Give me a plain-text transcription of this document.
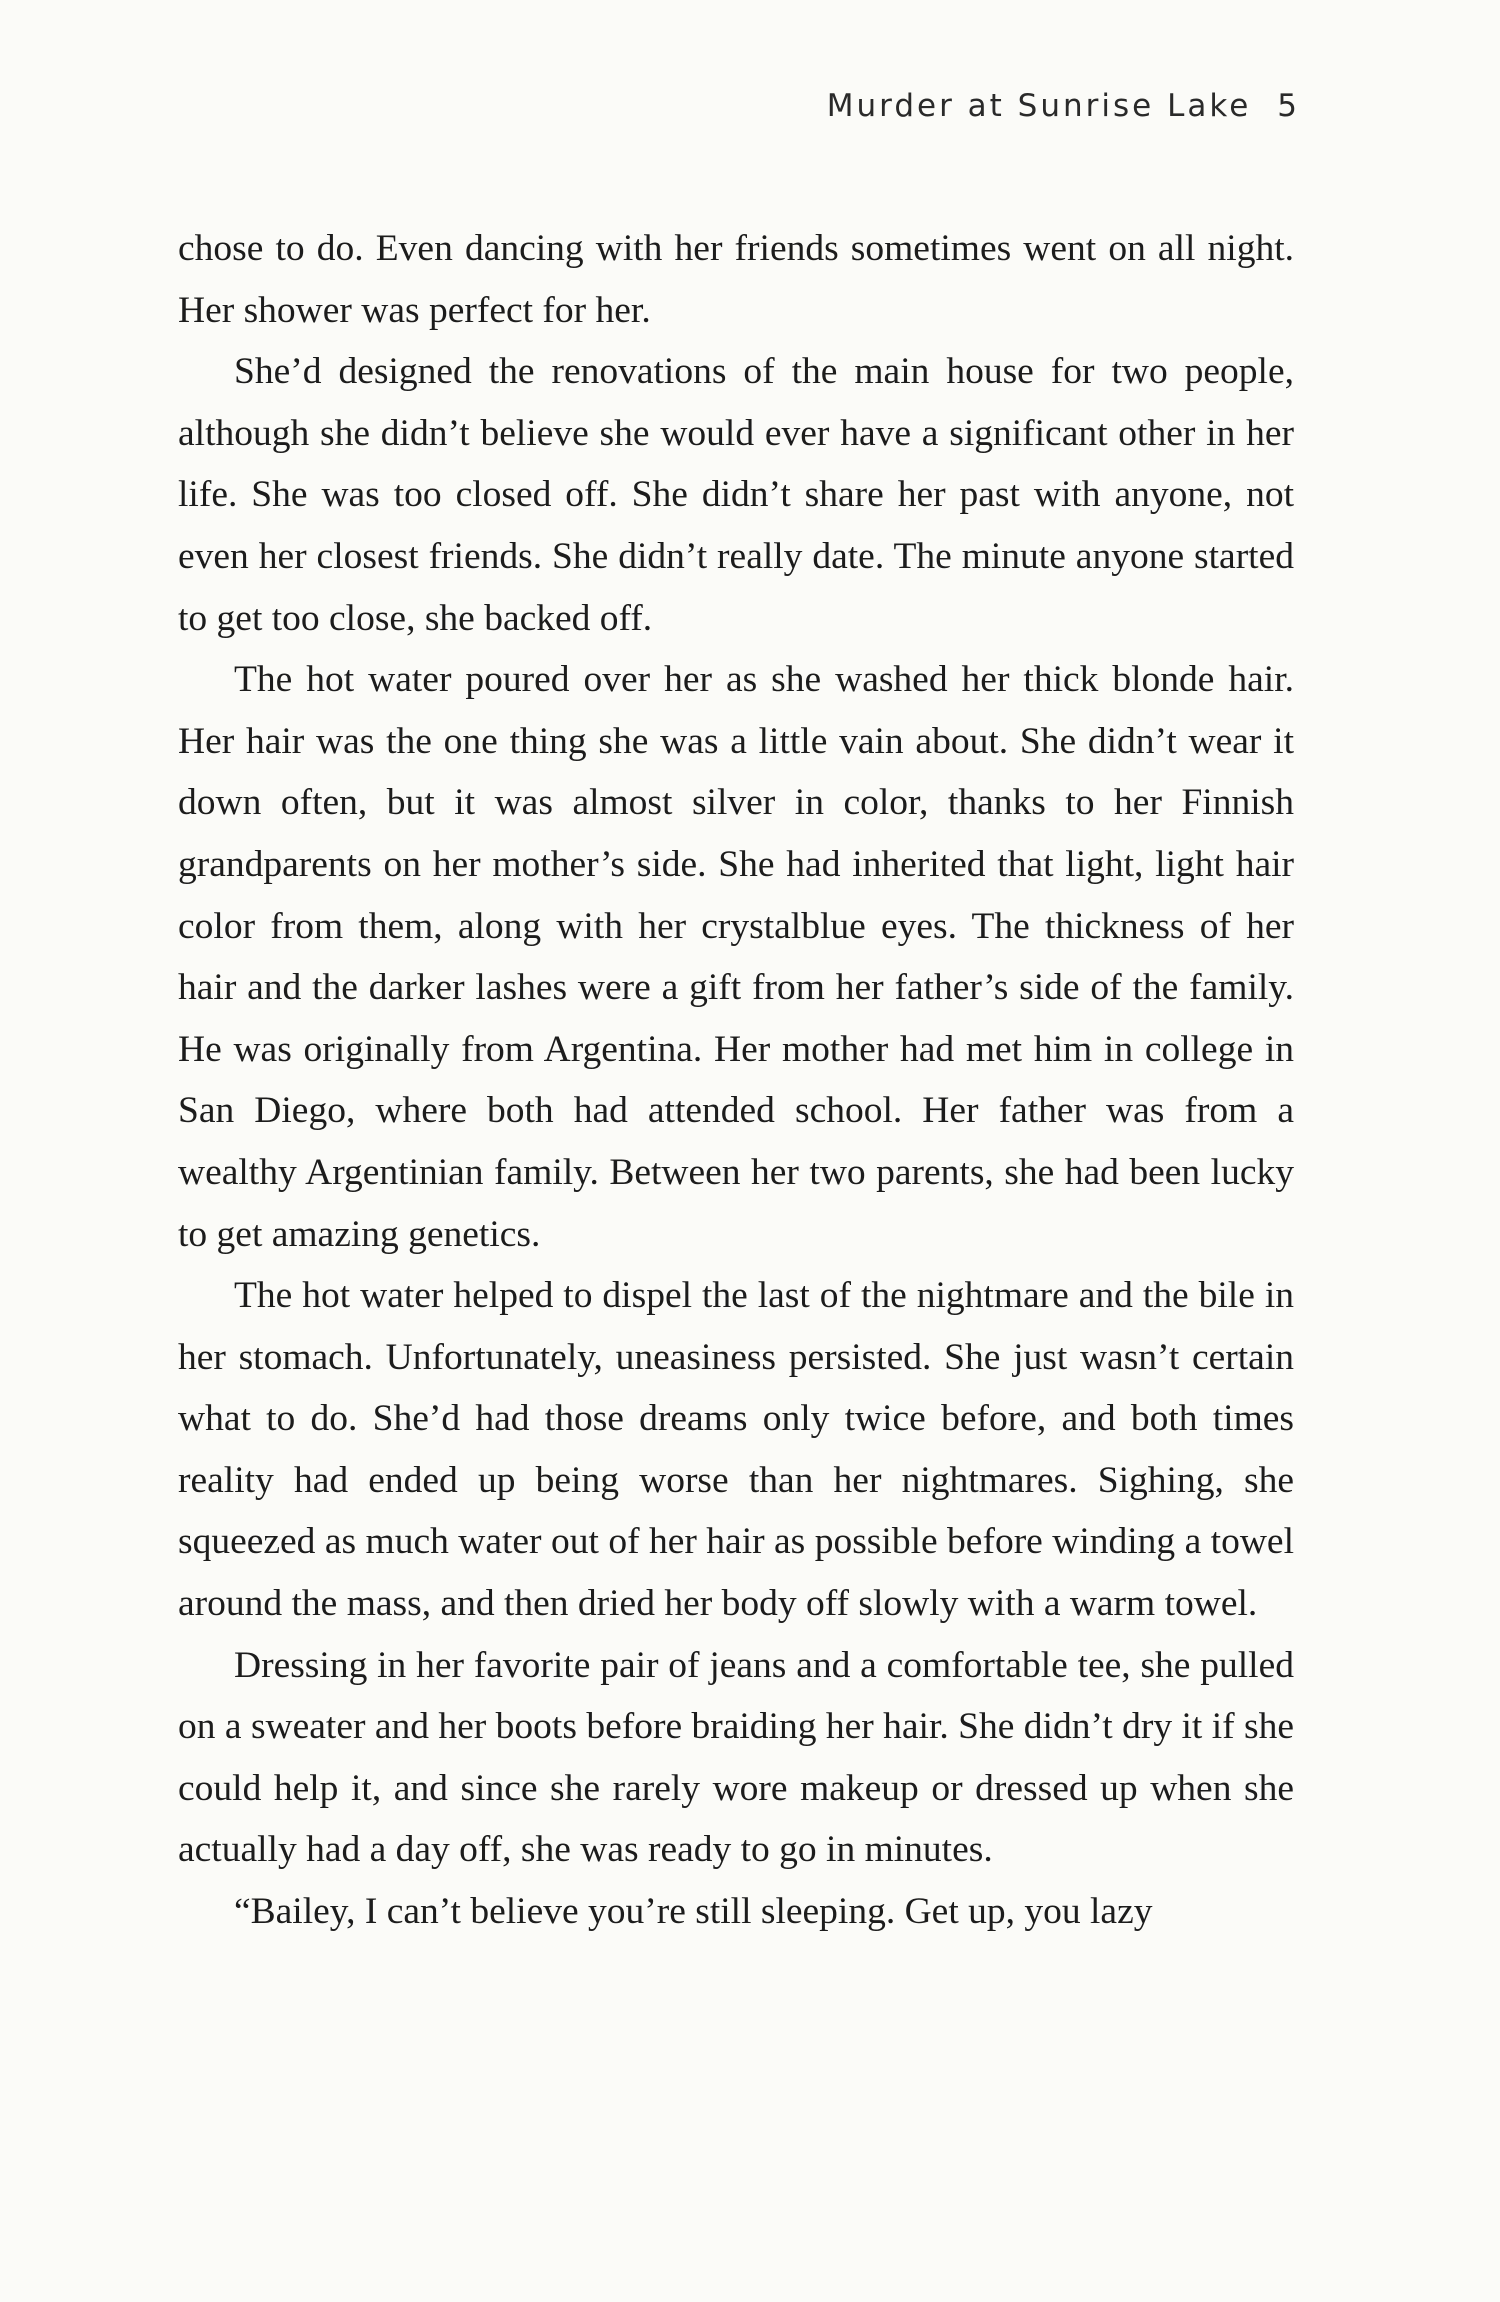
Murder at Sunrise Lake 5

chose to do. Even dancing with her friends sometimes went on all night. Her shower was perfect for her.

She’d designed the renovations of the main house for two people, although she didn’t believe she would ever have a significant other in her life. She was too closed off. She didn’t share her past with anyone, not even her closest friends. She didn’t really date. The minute anyone started to get too close, she backed off.

The hot water poured over her as she washed her thick blonde hair. Her hair was the one thing she was a little vain about. She didn’t wear it down often, but it was almost silver in color, thanks to her Finnish grandparents on her mother’s side. She had inherited that light, light hair color from them, along with her crystalblue eyes. The thickness of her hair and the darker lashes were a gift from her father’s side of the family. He was originally from Argentina. Her mother had met him in college in San Diego, where both had attended school. Her father was from a wealthy Argentinian family. Between her two parents, she had been lucky to get amazing genetics.

The hot water helped to dispel the last of the nightmare and the bile in her stomach. Unfortunately, uneasiness persisted. She just wasn’t certain what to do. She’d had those dreams only twice before, and both times reality had ended up being worse than her nightmares. Sighing, she squeezed as much water out of her hair as possible before winding a towel around the mass, and then dried her body off slowly with a warm towel.

Dressing in her favorite pair of jeans and a comfortable tee, she pulled on a sweater and her boots before braiding her hair. She didn’t dry it if she could help it, and since she rarely wore makeup or dressed up when she actually had a day off, she was ready to go in minutes.

“Bailey, I can’t believe you’re still sleeping. Get up, you lazy
